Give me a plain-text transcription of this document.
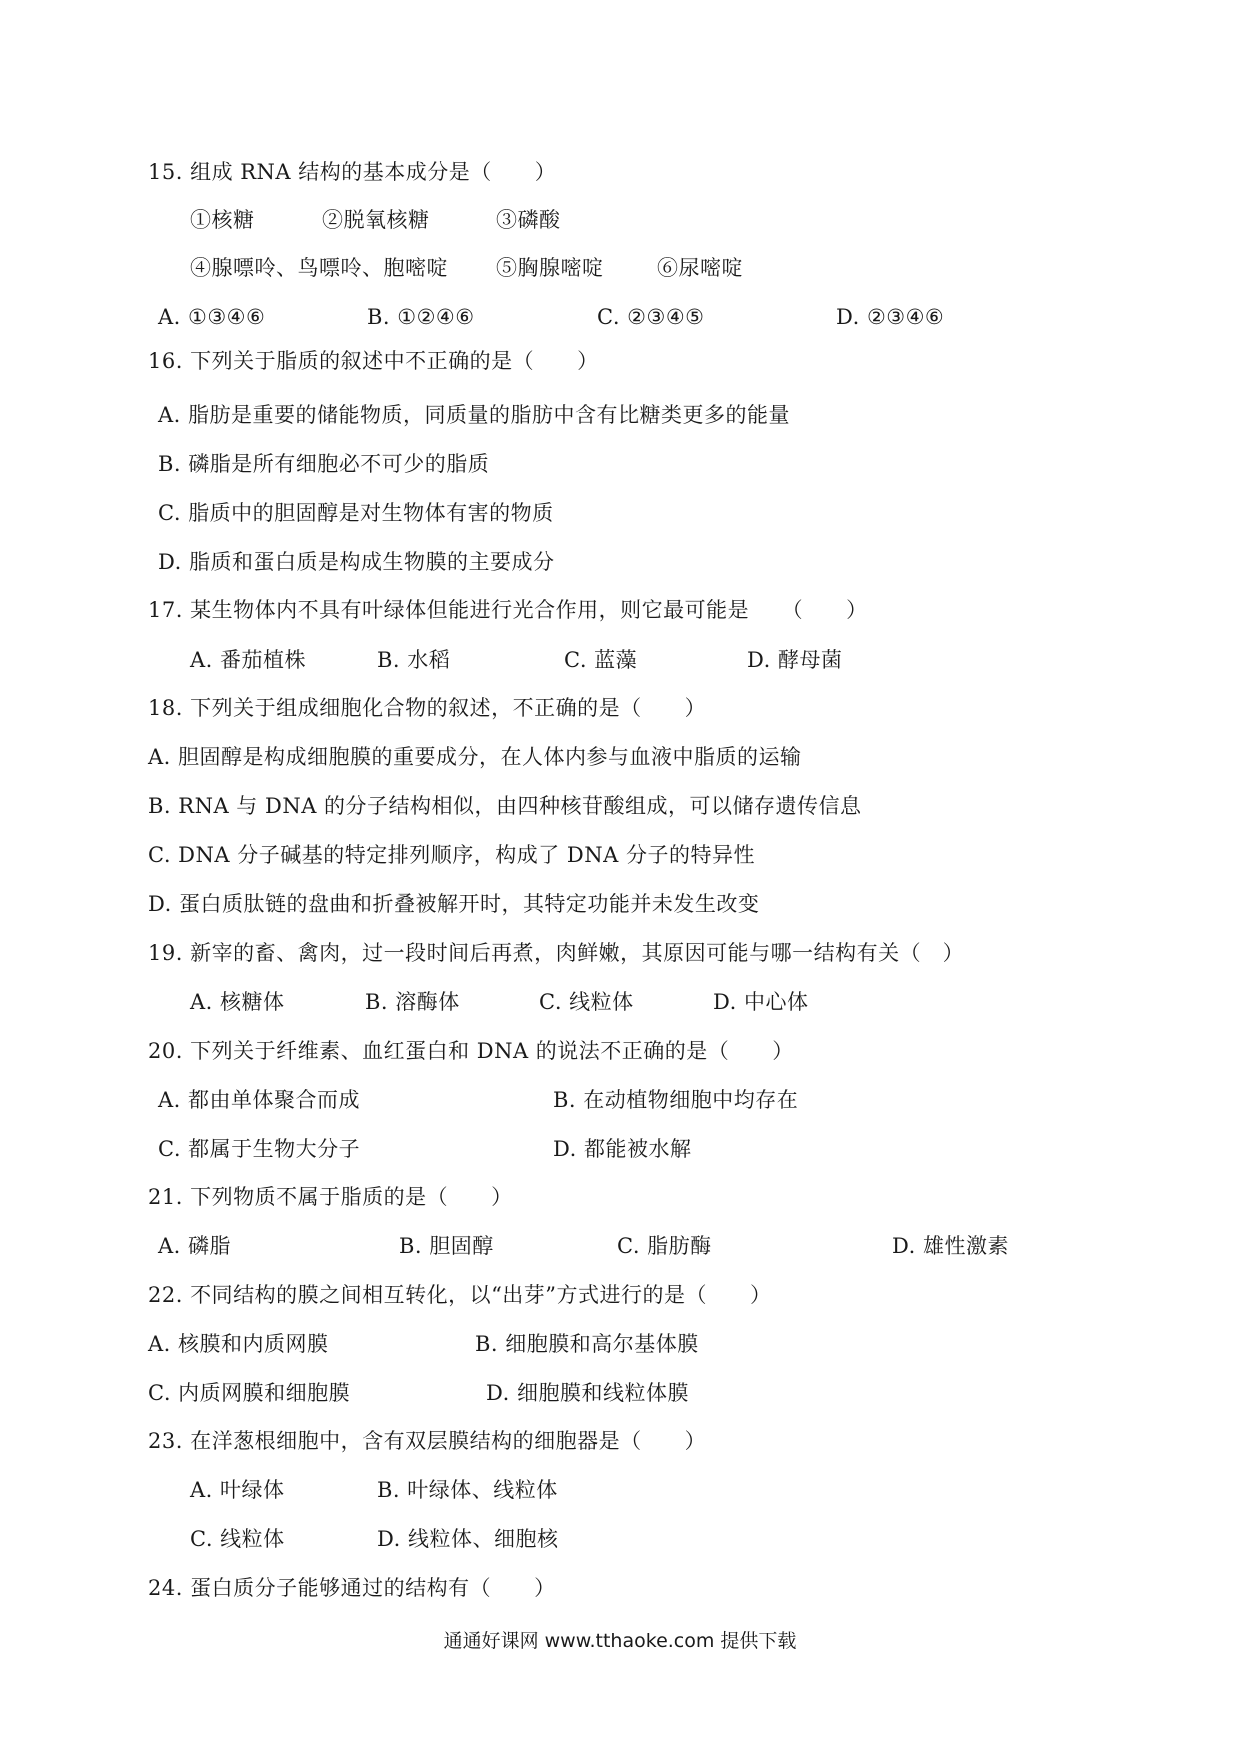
15. 组成 RNA 结构的基本成分是（　　）
①核糖	②脱氧核糖	③磷酸
④腺嘌呤、鸟嘌呤、胞嘧啶 ⑤胸腺嘧啶	⑥尿嘧啶
A. ①③④⑥	B. ①②④⑥	C. ②③④⑤	D. ②③④⑥
16. 下列关于脂质的叙述中不正确的是（　　）
A. 脂肪是重要的储能物质，同质量的脂肪中含有比糖类更多的能量
B. 磷脂是所有细胞必不可少的脂质
C. 脂质中的胆固醇是对生物体有害的物质
D. 脂质和蛋白质是构成生物膜的主要成分
17. 某生物体内不具有叶绿体但能进行光合作用，则它最可能是　　（　　）
A. 番茄植株	B. 水稻	C. 蓝藻	D. 酵母菌
18. 下列关于组成细胞化合物的叙述，不正确的是（　　）
A. 胆固醇是构成细胞膜的重要成分，在人体内参与血液中脂质的运输
B. RNA 与 DNA 的分子结构相似，由四种核苷酸组成，可以储存遗传信息
C. DNA 分子碱基的特定排列顺序，构成了 DNA 分子的特异性
D. 蛋白质肽链的盘曲和折叠被解开时，其特定功能并未发生改变
19. 新宰的畜、禽肉，过一段时间后再煮，肉鲜嫩，其原因可能与哪一结构有关（　）
A. 核糖体	B. 溶酶体	C. 线粒体	D. 中心体
20. 下列关于纤维素、血红蛋白和 DNA 的说法不正确的是（　　）
A. 都由单体聚合而成	B. 在动植物细胞中均存在
C. 都属于生物大分子	D. 都能被水解
21. 下列物质不属于脂质的是（　　）
A. 磷脂	B. 胆固醇	C. 脂肪酶	D. 雄性激素
22. 不同结构的膜之间相互转化，以“出芽”方式进行的是（　　）
A. 核膜和内质网膜	B. 细胞膜和高尔基体膜
C. 内质网膜和细胞膜	D. 细胞膜和线粒体膜
23. 在洋葱根细胞中，含有双层膜结构的细胞器是（　　）
A. 叶绿体	B. 叶绿体、线粒体
C. 线粒体	D. 线粒体、细胞核
24. 蛋白质分子能够通过的结构有（　　）
通通好课网 www.tthaoke.com 提供下载
